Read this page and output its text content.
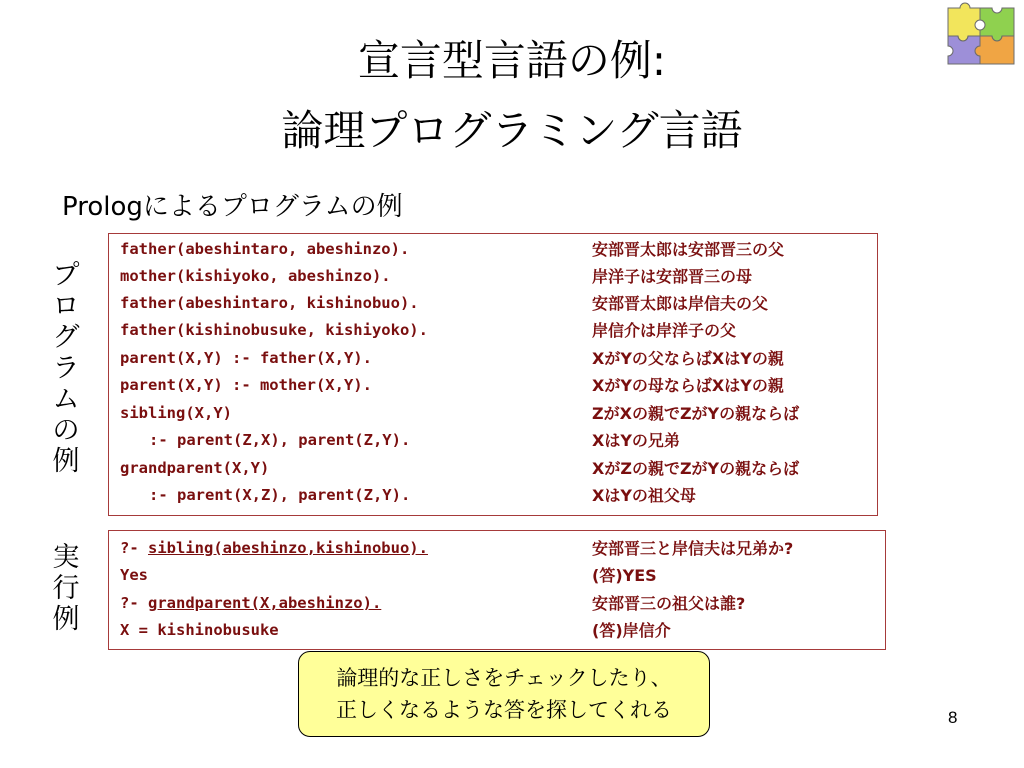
宣言型言語の例:
論理プログラミング言語
Prologによるプログラムの例
プ
ロ
グ
ラ
ム
の
例
father(abeshintaro, abeshinzo).	安部晋太郎は安部晋三の父
mother(kishiyoko, abeshinzo).	岸洋子は安部晋三の母
father(abeshintaro, kishinobuo).	安部晋太郎は岸信夫の父
father(kishinobusuke, kishiyoko).	岸信介は岸洋子の父
parent(X,Y) :- father(X,Y).	XがYの父ならばXはYの親
parent(X,Y) :- mother(X,Y).	XがYの母ならばXはYの親
sibling(X,Y)	ZがXの親でZがYの親ならば
:- parent(Z,X), parent(Z,Y).	XはYの兄弟
grandparent(X,Y)	XがZの親でZがYの親ならば
:- parent(X,Z), parent(Z,Y).	XはYの祖父母
実
行
例
?- sibling(abeshinzo,kishinobuo).	安部晋三と岸信夫は兄弟か?
Yes	(答)YES
?- grandparent(X,abeshinzo).	安部晋三の祖父は誰?
X = kishinobusuke	(答)岸信介
論理的な正しさをチェックしたり、
正しくなるような答を探してくれる	8
